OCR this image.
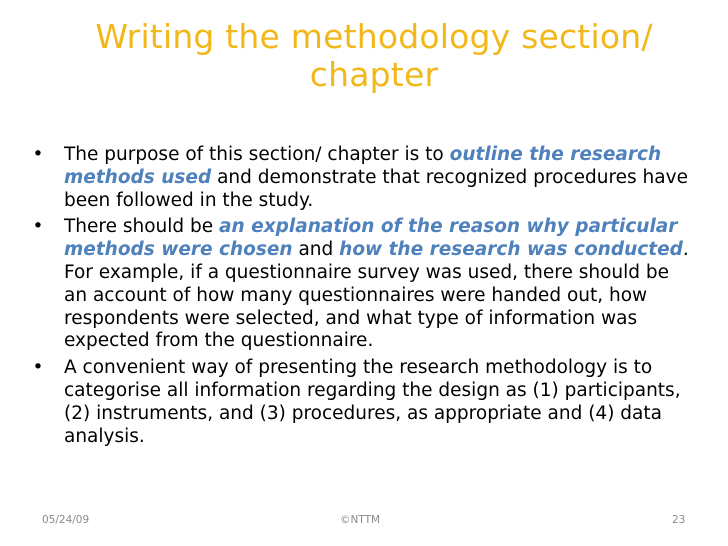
Writing the methodology section/
chapter
• The purpose of this section/ chapter is to outline the research methods used and demonstrate that recognized procedures have been followed in the study.
• There should be an explanation of the reason why particular methods were chosen and how the research was conducted. For example, if a questionnaire survey was used, there should be an account of how many questionnaires were handed out, how respondents were selected, and what type of information was expected from the questionnaire.
• A convenient way of presenting the research methodology is to categorise all information regarding the design as (1) participants, (2) instruments, and (3) procedures, as appropriate and (4) data analysis.
05/24/09	©NTTM	23
